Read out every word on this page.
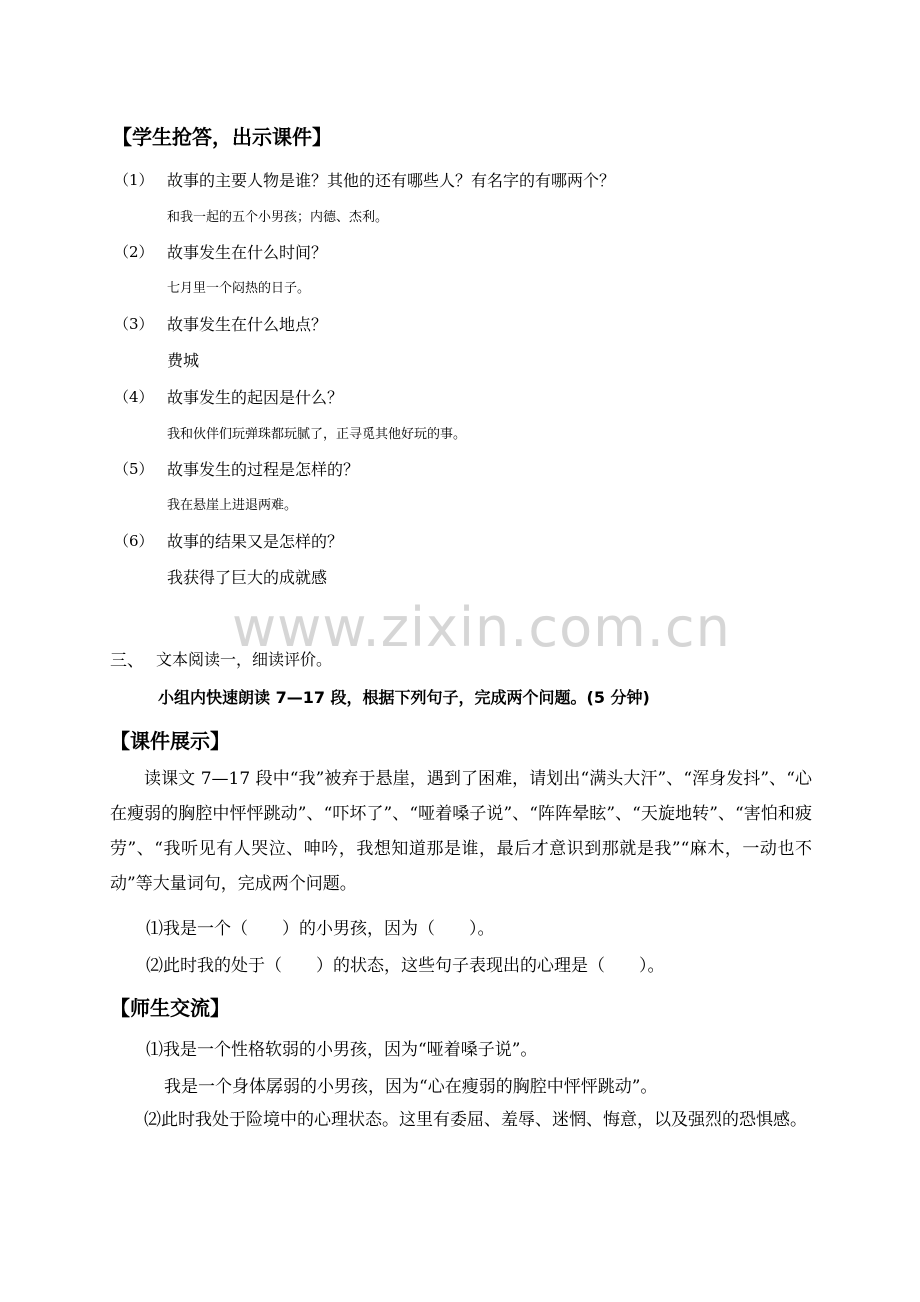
【学生抢答，出示课件】
（1） 故事的主要人物是谁？其他的还有哪些人？有名字的有哪两个？
和我一起的五个小男孩；内德、杰利。
（2） 故事发生在什么时间？
七月里一个闷热的日子。
（3） 故事发生在什么地点？
费城
（4） 故事发生的起因是什么？
我和伙伴们玩弹珠都玩腻了，正寻觅其他好玩的事。
（5） 故事发生的过程是怎样的？
我在悬崖上进退两难。
（6） 故事的结果又是怎样的？
我获得了巨大的成就感
www.zixin.com.cn
三、 文本阅读一，细读评价。
小组内快速朗读 7—17 段，根据下列句子，完成两个问题。(5 分钟)
【课件展示】
读课文 7—17 段中“我”被弃于悬崖，遇到了困难，请划出“满头大汗”、“浑身发抖”、“心在瘦弱的胸腔中怦怦跳动”、“吓坏了”、“哑着嗓子说”、“阵阵晕眩”、“天旋地转”、“害怕和疲劳”、“我听见有人哭泣、呻吟，我想知道那是谁，最后才意识到那就是我”“麻木，一动也不动”等大量词句，完成两个问题。
⑴我是一个（　　）的小男孩，因为（　　）。
⑵此时我的处于（　　）的状态，这些句子表现出的心理是（　　）。
【师生交流】
⑴我是一个性格软弱的小男孩，因为“哑着嗓子说”。
我是一个身体孱弱的小男孩，因为“心在瘦弱的胸腔中怦怦跳动”。
⑵此时我处于险境中的心理状态。这里有委屈、羞辱、迷惘、悔意，以及强烈的恐惧感。
